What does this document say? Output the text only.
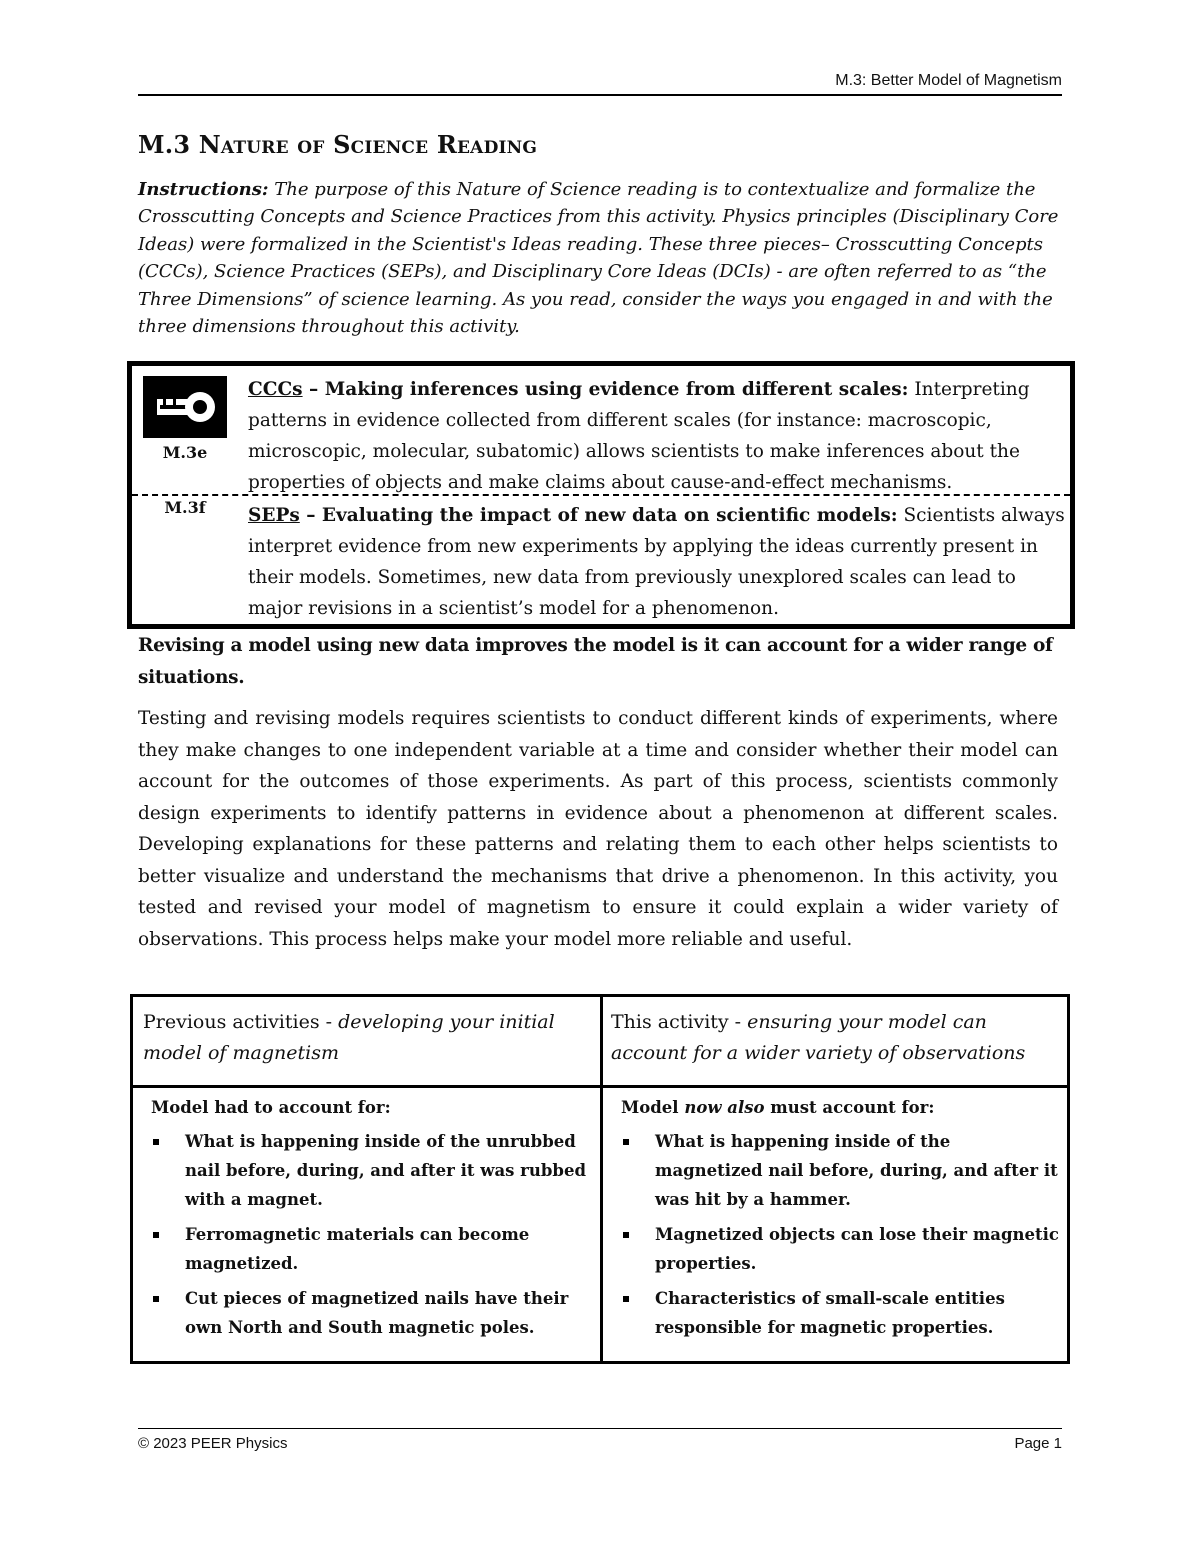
M.3: Better Model of Magnetism
M.3 Nature of Science Reading

Instructions: The purpose of this Nature of Science reading is to contextualize and formalize the Crosscutting Concepts and Science Practices from this activity. Physics principles (Disciplinary Core Ideas) were formalized in the Scientist's Ideas reading. These three pieces– Crosscutting Concepts (CCCs), Science Practices (SEPs), and Disciplinary Core Ideas (DCIs) - are often referred to as “the Three Dimensions” of science learning. As you read, consider the ways you engaged in and with the three dimensions throughout this activity.

M.3e

CCCs – Making inferences using evidence from different scales: Interpreting patterns in evidence collected from different scales (for instance: macroscopic, microscopic, molecular, subatomic) allows scientists to make inferences about the properties of objects and make claims about cause-and-effect mechanisms.

M.3f	SEPs – Evaluating the impact of new data on scientific models: Scientists always interpret evidence from new experiments by applying the ideas currently present in their models. Sometimes, new data from previously unexplored scales can lead to major revisions in a scientist’s model for a phenomenon.

Revising a model using new data improves the model is it can account for a wider range of situations.

Testing and revising models requires scientists to conduct different kinds of experiments, where they make changes to one independent variable at a time and consider whether their model can account for the outcomes of those experiments. As part of this process, scientists commonly design experiments to identify patterns in evidence about a phenomenon at different scales. Developing explanations for these patterns and relating them to each other helps scientists to better visualize and understand the mechanisms that drive a phenomenon. In this activity, you tested and revised your model of magnetism to ensure it could explain a wider variety of observations. This process helps make your model more reliable and useful.

Previous activities - developing your initial model of magnetism

This activity - ensuring your model can account for a wider variety of observations

Model had to account for:

What is happening inside of the unrubbed nail before, during, and after it was rubbed with a magnet.
Ferromagnetic materials can become magnetized.
Cut pieces of magnetized nails have their own North and South magnetic poles.

Model now also must account for:

What is happening inside of the magnetized nail before, during, and after it was hit by a hammer.
Magnetized objects can lose their magnetic properties.
Characteristics of small-scale entities responsible for magnetic properties.
© 2023 PEER Physics	Page 1
